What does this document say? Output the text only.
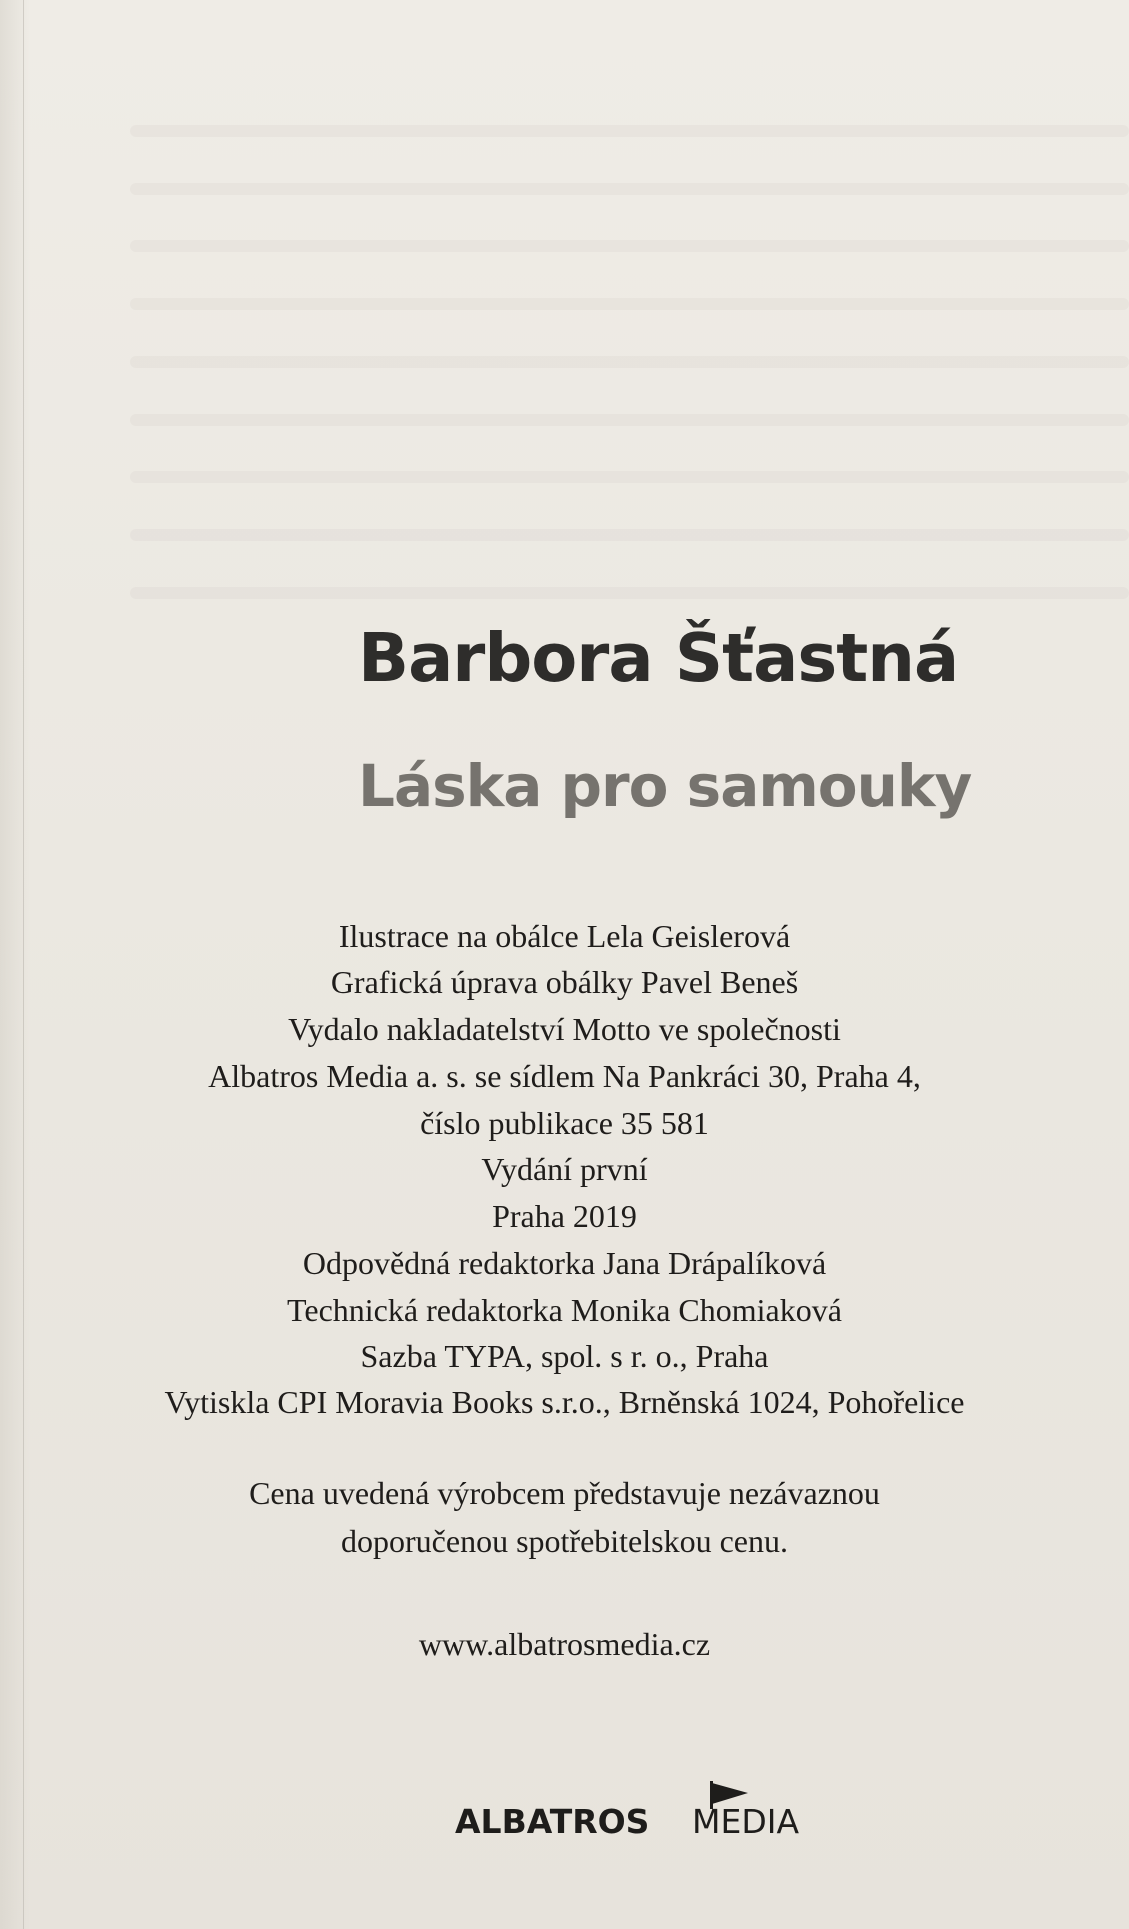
Barbora Šťastná
Láska pro samouky
Ilustrace na obálce Lela Geislerová
Grafická úprava obálky Pavel Beneš
Vydalo nakladatelství Motto ve společnosti
Albatros Media a. s. se sídlem Na Pankráci 30, Praha 4,
číslo publikace 35 581
Vydání první
Praha 2019
Odpovědná redaktorka Jana Drápalíková
Technická redaktorka Monika Chomiaková
Sazba TYPA, spol. s r. o., Praha
Vytiskla CPI Moravia Books s.r.o., Brněnská 1024, Pohořelice
Cena uvedená výrobcem představuje nezávaznou
doporučenou spotřebitelskou cenu.
www.albatrosmedia.cz
ALBATROS MEDIA
